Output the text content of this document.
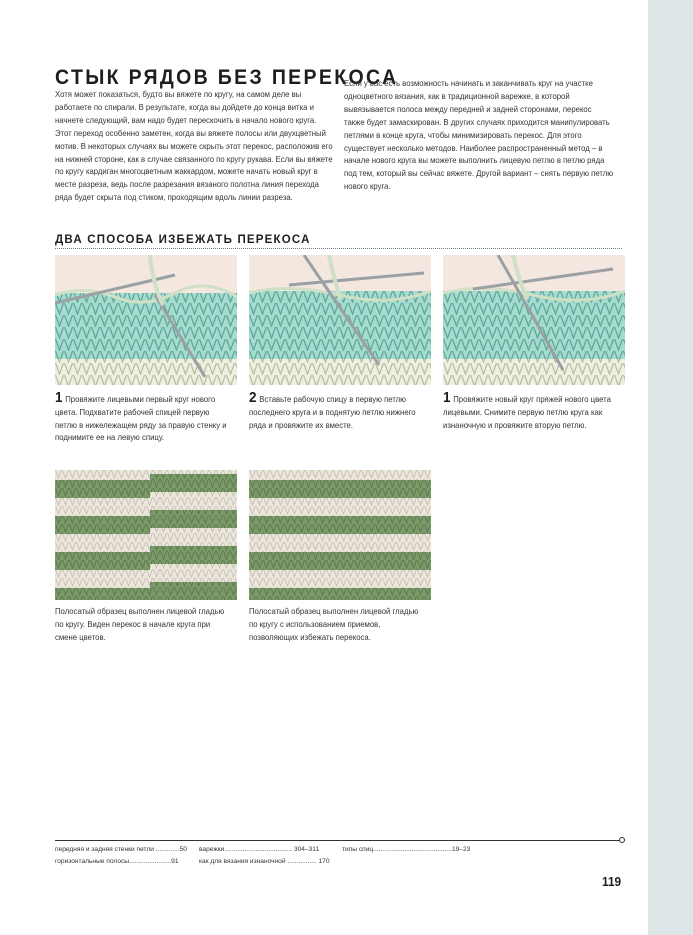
СТЫК РЯДОВ БЕЗ ПЕРЕКОСА

Хотя может показаться, будто вы вяжете по кругу, на самом деле вы работаете по спирали. В результате, когда вы дойдете до конца витка и начнете следующий, вам надо будет перескочить в начало нового круга. Этот переход особенно заметен, когда вы вяжете полосы или двухцветный мотив. В некоторых случаях вы можете скрыть этот перекос, расположив его на нижней стороне, как в случае связанного по кругу рукава. Если вы вяжете по кругу кардиган многоцветным жаккардом, можете начать новый круг в месте разреза, ведь после разрезания вязаного полотна линия перехода ряда будет скрыта под стиком, проходящим вдоль линии разреза.

Если у вас есть возможность начинать и заканчивать круг на участке одноцветного вязания, как в традиционной варежке, в которой вывязывается полоса между передней и задней сторонами, перекос также будет замаскирован. В других случаях приходится манипулировать петлями в конце круга, чтобы минимизировать перекос. Для этого существует несколько методов. Наиболее распространенный метод – в начале нового круга вы можете выполнить лицевую петлю в петлю ряда под тем, который вы сейчас вяжете. Другой вариант – снять первую петлю нового круга.

ДВА СПОСОБА ИЗБЕЖАТЬ ПЕРЕКОСА

1 Провяжите лицевыми первый круг нового цвета. Подхватите рабочей спицей первую петлю в нижележащем ряду за правую стенку и поднимите ее на левую спицу.

2 Вставьте рабочую спицу в первую петлю последнего круга и в поднятую петлю нижнего ряда и провяжите их вместе.

1 Провяжите новый круг пряжей нового цвета лицевыми. Снимите первую петлю круга как изнаночную и провяжите вторую петлю.

Полосатый образец выполнен лицевой гладью по кругу. Виден перекос в начале круга при смене цветов.

Полосатый образец выполнен лицевой гладью по кругу с использованием приемов, позволяющих избежать перекоса.

передняя и задняя стенки петли .............50
горизонтальные полосы.......................91
варежки..................................... 304–311
как для вязания изнаночной ................ 170
типы спиц...........................................19–23
119
